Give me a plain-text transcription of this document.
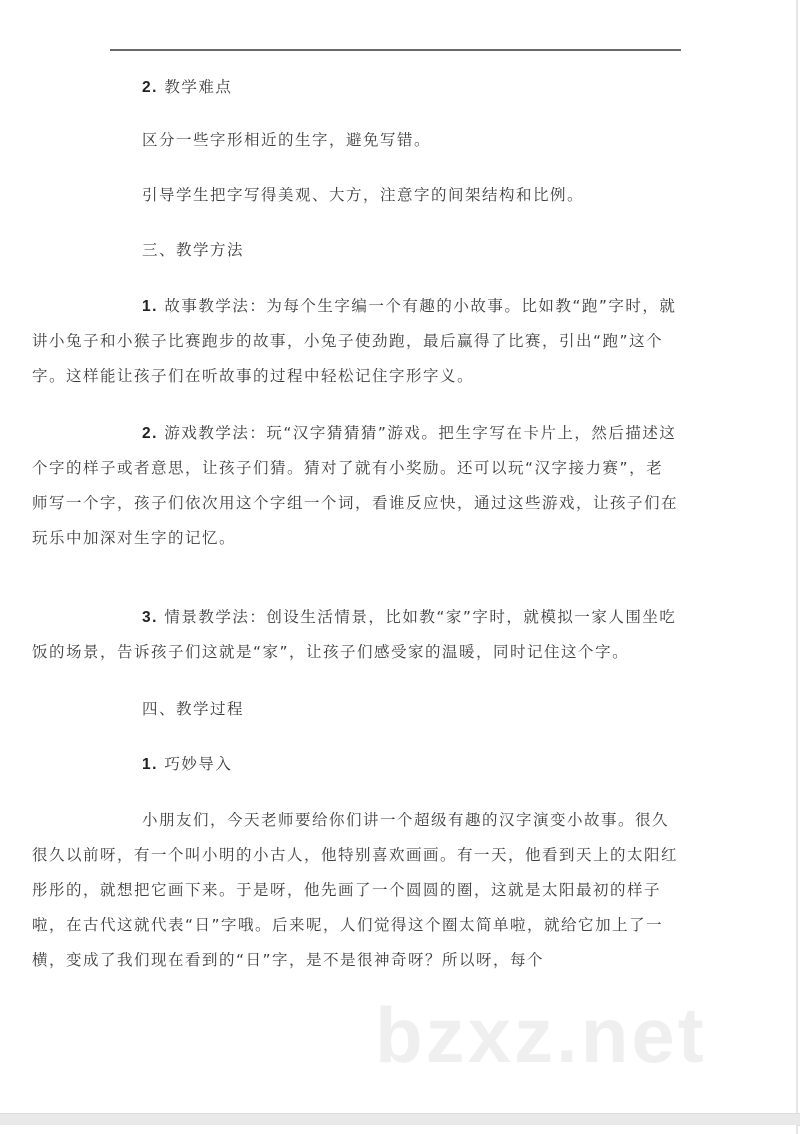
2. 教学难点

区分一些字形相近的生字，避免写错。

引导学生把字写得美观、大方，注意字的间架结构和比例。

三、教学方法

1. 故事教学法：为每个生字编一个有趣的小故事。比如教“跑”字时，就讲小兔子和小猴子比赛跑步的故事，小兔子使劲跑，最后赢得了比赛，引出“跑”这个字。这样能让孩子们在听故事的过程中轻松记住字形字义。

2. 游戏教学法：玩“汉字猜猜猜”游戏。把生字写在卡片上，然后描述这个字的样子或者意思，让孩子们猜。猜对了就有小奖励。还可以玩“汉字接力赛”，老师写一个字，孩子们依次用这个字组一个词，看谁反应快，通过这些游戏，让孩子们在玩乐中加深对生字的记忆。

3. 情景教学法：创设生活情景，比如教“家”字时，就模拟一家人围坐吃饭的场景，告诉孩子们这就是“家”，让孩子们感受家的温暖，同时记住这个字。

四、教学过程

1. 巧妙导入

小朋友们，今天老师要给你们讲一个超级有趣的汉字演变小故事。很久很久以前呀，有一个叫小明的小古人，他特别喜欢画画。有一天，他看到天上的太阳红彤彤的，就想把它画下来。于是呀，他先画了一个圆圆的圈，这就是太阳最初的样子啦，在古代这就代表“日”字哦。后来呢，人们觉得这个圈太简单啦，就给它加上了一横，变成了我们现在看到的“日”字，是不是很神奇呀？所以呀，每个

bzxz.net
